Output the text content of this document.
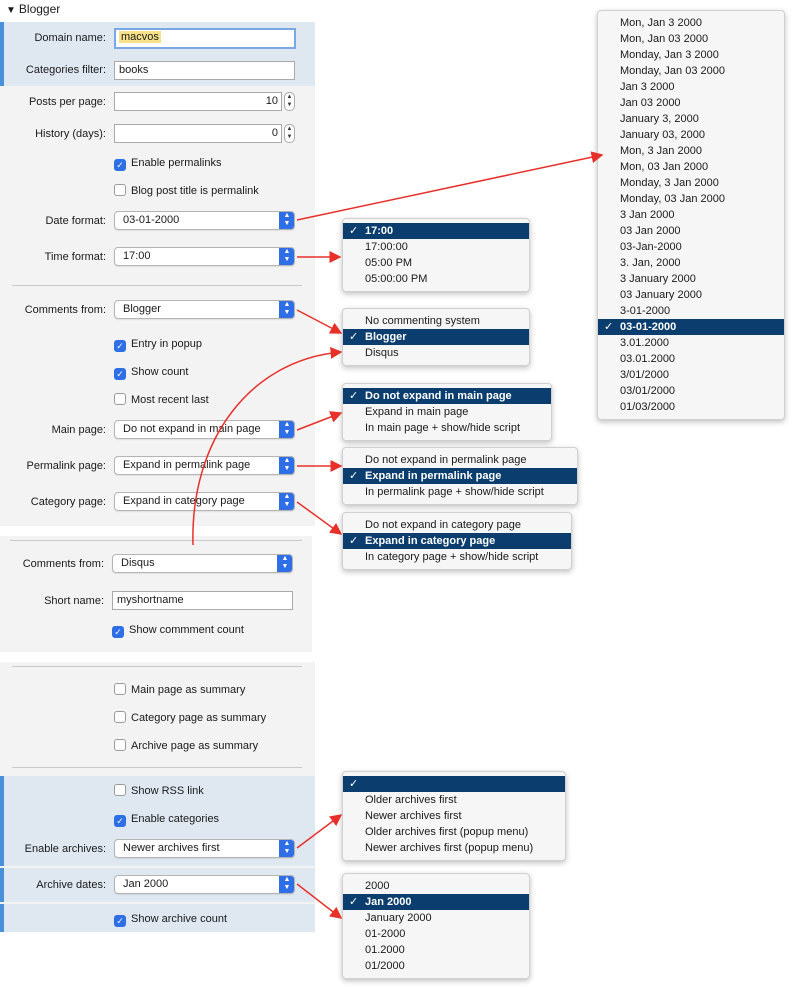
▼ Blogger
Domain name:	macvos
Categories filter:	books
Posts per page:	10	▲
▼
History (days):	0	▲
▼
✓ Enable permalinks
Blog post title is permalink
Date format:	03-01-2000	▲
▼
Time format:	17:00	▲
▼
Comments from:	Blogger	▲
▼
✓ Entry in popup
✓ Show count
Most recent last
Main page:	Do not expand in main page	▲
▼
Permalink page:	Expand in permalink page	▲
▼
Category page:	Expand in category page	▲
▼
Comments from:	Disqus	▲
▼
Short name:	myshortname
✓ Show commment count
Main page as summary
Category page as summary
Archive page as summary
Show RSS link
✓ Enable categories
Enable archives:	Newer archives first	▲
▼
Archive dates:	Jan 2000	▲
▼
✓ Show archive count
Mon, Jan 3 2000
Mon, Jan 03 2000
Monday, Jan 3 2000
Monday, Jan 03 2000
Jan 3 2000
Jan 03 2000
January 3, 2000
January 03, 2000
Mon, 3 Jan 2000
Mon, 03 Jan 2000
Monday, 3 Jan 2000
Monday, 03 Jan 2000
3 Jan 2000
03 Jan 2000
03-Jan-2000
3. Jan, 2000
3 January 2000
03 January 2000
3-01-2000
✓ 03-01-2000
3.01.2000
03.01.2000
3/01/2000
03/01/2000
01/03/2000
✓ 17:00
17:00:00
05:00 PM
05:00:00 PM
No commenting system
✓ Blogger
Disqus
✓ Do not expand in main page
Expand in main page
In main page + show/hide script
Do not expand in permalink page
✓ Expand in permalink page
In permalink page + show/hide script
Do not expand in category page
✓ Expand in category page
In category page + show/hide script
✓
Older archives first
Newer archives first
Older archives first (popup menu)
Newer archives first (popup menu)
2000
✓ Jan 2000
January 2000
01-2000
01.2000
01/2000
